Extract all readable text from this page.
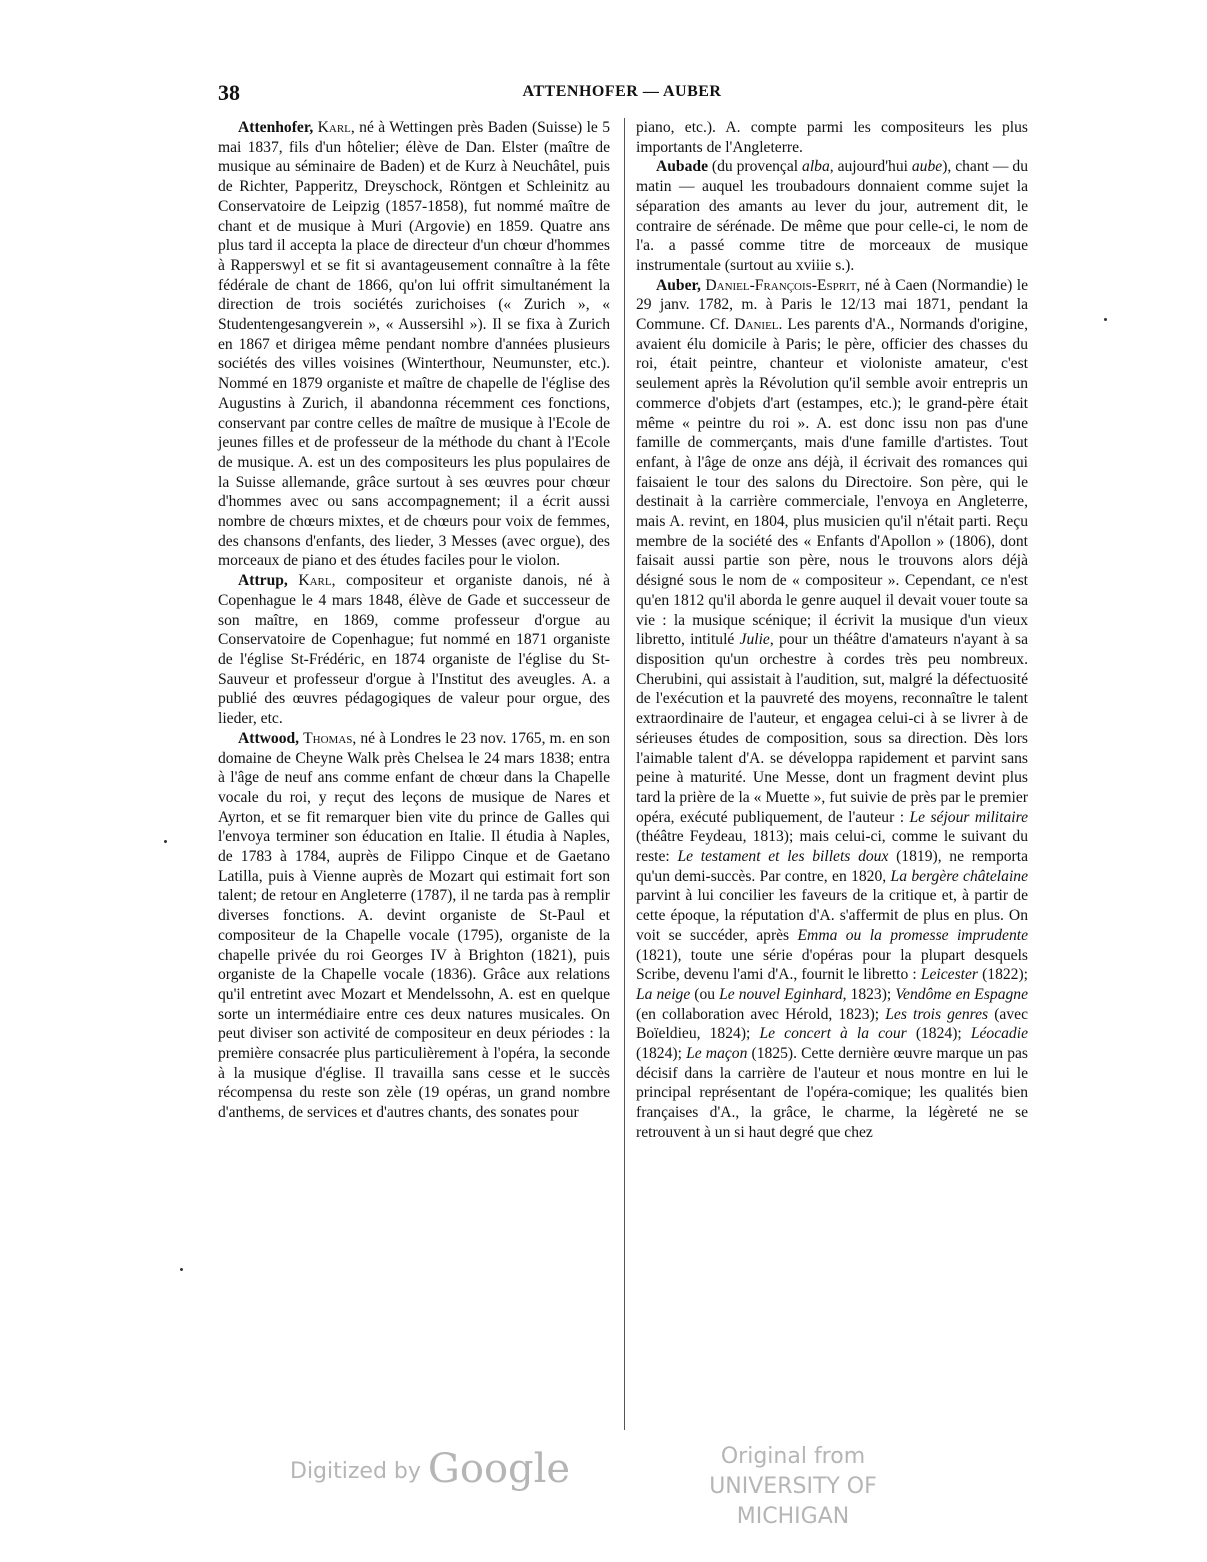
38	ATTENHOFER — AUBER

Attenhofer, Karl, né à Wettingen près Baden (Suisse) le 5 mai 1837, fils d'un hôtelier; élève de Dan. Elster (maître de musique au séminaire de Baden) et de Kurz à Neuchâtel, puis de Richter, Papperitz, Dreyschock, Röntgen et Schleinitz au Conservatoire de Leipzig (1857-1858), fut nommé maître de chant et de musique à Muri (Argovie) en 1859. Quatre ans plus tard il accepta la place de directeur d'un chœur d'hommes à Rapperswyl et se fit si avantageusement connaître à la fête fédérale de chant de 1866, qu'on lui offrit simultanément la direction de trois sociétés zurichoises (« Zurich », « Studentengesangverein », « Aussersihl »). Il se fixa à Zurich en 1867 et dirigea même pendant nombre d'années plusieurs sociétés des villes voisines (Winterthour, Neumunster, etc.). Nommé en 1879 organiste et maître de chapelle de l'église des Augustins à Zurich, il abandonna récemment ces fonctions, conservant par contre celles de maître de musique à l'Ecole de jeunes filles et de professeur de la méthode du chant à l'Ecole de musique. A. est un des compositeurs les plus populaires de la Suisse allemande, grâce surtout à ses œuvres pour chœur d'hommes avec ou sans accompagnement; il a écrit aussi nombre de chœurs mixtes, et de chœurs pour voix de femmes, des chansons d'enfants, des lieder, 3 Messes (avec orgue), des morceaux de piano et des études faciles pour le violon.

Attrup, Karl, compositeur et organiste danois, né à Copenhague le 4 mars 1848, élève de Gade et successeur de son maître, en 1869, comme professeur d'orgue au Conservatoire de Copenhague; fut nommé en 1871 organiste de l'église St-Frédéric, en 1874 organiste de l'église du St-Sauveur et professeur d'orgue à l'Institut des aveugles. A. a publié des œuvres pédagogiques de valeur pour orgue, des lieder, etc.

Attwood, Thomas, né à Londres le 23 nov. 1765, m. en son domaine de Cheyne Walk près Chelsea le 24 mars 1838; entra à l'âge de neuf ans comme enfant de chœur dans la Chapelle vocale du roi, y reçut des leçons de musique de Nares et Ayrton, et se fit remarquer bien vite du prince de Galles qui l'envoya terminer son éducation en Italie. Il étudia à Naples, de 1783 à 1784, auprès de Filippo Cinque et de Gaetano Latilla, puis à Vienne auprès de Mozart qui estimait fort son talent; de retour en Angleterre (1787), il ne tarda pas à remplir diverses fonctions. A. devint organiste de St-Paul et compositeur de la Chapelle vocale (1795), organiste de la chapelle privée du roi Georges IV à Brighton (1821), puis organiste de la Chapelle vocale (1836). Grâce aux relations qu'il entretint avec Mozart et Mendelssohn, A. est en quelque sorte un intermédiaire entre ces deux natures musicales. On peut diviser son activité de compositeur en deux périodes : la première consacrée plus particulièrement à l'opéra, la seconde à la musique d'église. Il travailla sans cesse et le succès récompensa du reste son zèle (19 opéras, un grand nombre d'anthems, de services et d'autres chants, des sonates pour

piano, etc.). A. compte parmi les compositeurs les plus importants de l'Angleterre.

Aubade (du provençal alba, aujourd'hui aube), chant — du matin — auquel les troubadours donnaient comme sujet la séparation des amants au lever du jour, autrement dit, le contraire de sérénade. De même que pour celle-ci, le nom de l'a. a passé comme titre de morceaux de musique instrumentale (surtout au xviiie s.).

Auber, Daniel-François-Esprit, né à Caen (Normandie) le 29 janv. 1782, m. à Paris le 12/13 mai 1871, pendant la Commune. Cf. Daniel. Les parents d'A., Normands d'origine, avaient élu domicile à Paris; le père, officier des chasses du roi, était peintre, chanteur et violoniste amateur, c'est seulement après la Révolution qu'il semble avoir entrepris un commerce d'objets d'art (estampes, etc.); le grand-père était même « peintre du roi ». A. est donc issu non pas d'une famille de commerçants, mais d'une famille d'artistes. Tout enfant, à l'âge de onze ans déjà, il écrivait des romances qui faisaient le tour des salons du Directoire. Son père, qui le destinait à la carrière commerciale, l'envoya en Angleterre, mais A. revint, en 1804, plus musicien qu'il n'était parti. Reçu membre de la société des « Enfants d'Apollon » (1806), dont faisait aussi partie son père, nous le trouvons alors déjà désigné sous le nom de « compositeur ». Cependant, ce n'est qu'en 1812 qu'il aborda le genre auquel il devait vouer toute sa vie : la musique scénique; il écrivit la musique d'un vieux libretto, intitulé Julie, pour un théâtre d'amateurs n'ayant à sa disposition qu'un orchestre à cordes très peu nombreux. Cherubini, qui assistait à l'audition, sut, malgré la défectuosité de l'exécution et la pauvreté des moyens, reconnaître le talent extraordinaire de l'auteur, et engagea celui-ci à se livrer à de sérieuses études de composition, sous sa direction. Dès lors l'aimable talent d'A. se développa rapidement et parvint sans peine à maturité. Une Messe, dont un fragment devint plus tard la prière de la « Muette », fut suivie de près par le premier opéra, exécuté publiquement, de l'auteur : Le séjour militaire (théâtre Feydeau, 1813); mais celui-ci, comme le suivant du reste: Le testament et les billets doux (1819), ne remporta qu'un demi-succès. Par contre, en 1820, La bergère châtelaine parvint à lui concilier les faveurs de la critique et, à partir de cette époque, la réputation d'A. s'affermit de plus en plus. On voit se succéder, après Emma ou la promesse imprudente (1821), toute une série d'opéras pour la plupart desquels Scribe, devenu l'ami d'A., fournit le libretto : Leicester (1822); La neige (ou Le nouvel Eginhard, 1823); Vendôme en Espagne (en collaboration avec Hérold, 1823); Les trois genres (avec Boïeldieu, 1824); Le concert à la cour (1824); Léocadie (1824); Le maçon (1825). Cette dernière œuvre marque un pas décisif dans la carrière de l'auteur et nous montre en lui le principal représentant de l'opéra-comique; les qualités bien françaises d'A., la grâce, le charme, la légèreté ne se retrouvent à un si haut degré que chez

Digitized by Google	Original from
UNIVERSITY OF MICHIGAN
